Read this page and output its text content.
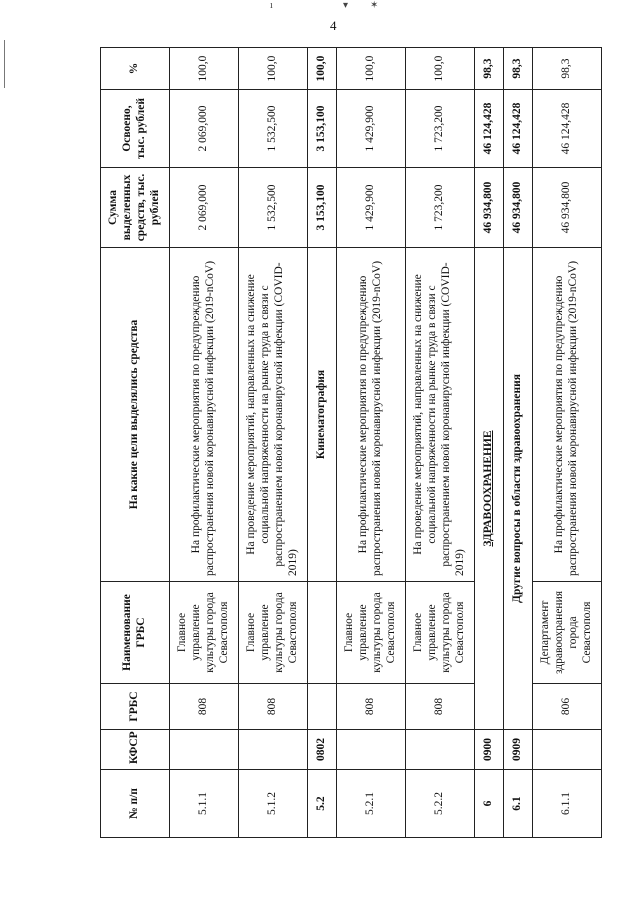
ı	▾ ✶
4
№ п/п	КФСР	ГРБС	Наименование ГРБС	На какие цели выделялись средства	Сумма выделенных средств, тыс. рублей	Освоено, тыс. рублей	%
5.1.1		808	Главное управление культуры города Севастополя	На профилактические мероприятия по предупреждению распространения новой коронавирусной инфекции (2019-nCoV)	2 069,000	2 069,000	100,0
5.1.2		808	Главное управление культуры города Севастополя	На проведение мероприятий, направленных на снижение социальной напряженности на рынке труда в связи с распространением новой коронавирусной инфекции (COVID-2019)	1 532,500	1 532,500	100,0
5.2	0802			Кинематография	3 153,100	3 153,100	100,0
5.2.1		808	Главное управление культуры города Севастополя	На профилактические мероприятия по предупреждению распространения новой коронавирусной инфекции (2019-nCoV)	1 429,900	1 429,900	100,0
5.2.2		808	Главное управление культуры города Севастополя	На проведение мероприятий, направленных на снижение социальной напряженности на рынке труда в связи с распространением новой коронавирусной инфекции (COVID-2019)	1 723,200	1 723,200	100,0
6	0900	ЗДРАВООХРАНЕНИЕ			46 934,800	46 124,428	98,3
6.1	0909	Другие вопросы в области здравоохранения			46 934,800	46 124,428	98,3
6.1.1		806	Департамент здравоохранения города Севастополя	На профилактические мероприятия по предупреждению распространения новой коронавирусной инфекции (2019-nCoV)	46 934,800	46 124,428	98,3
